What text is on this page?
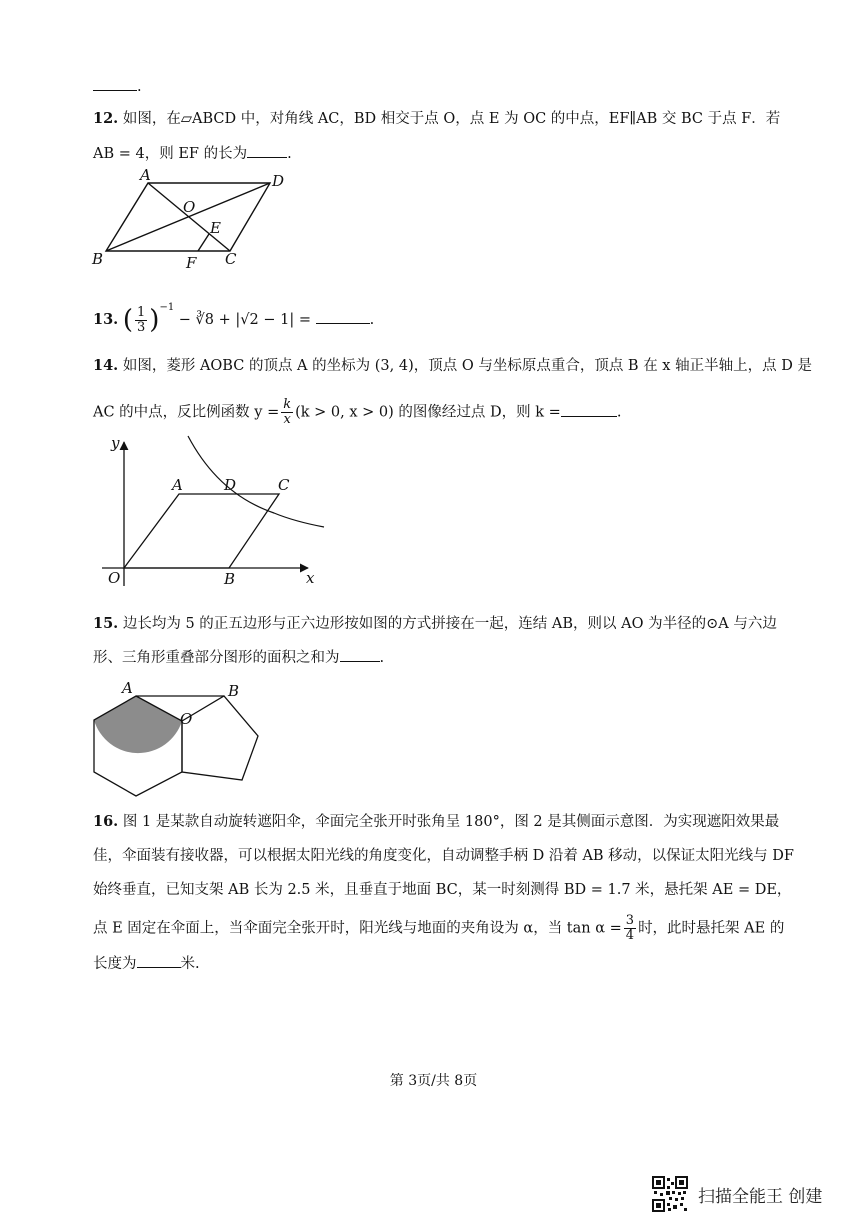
.
12. 如图，在▱ABCD 中，对角线 AC，BD 相交于点 O，点 E 为 OC 的中点，EF∥AB 交 BC 于点 F．若
AB = 4，则 EF 的长为	.
A	D
O
E
B	F C
13. ( $\frac{1}{3} )^{-1}$ − ∛8 + |√2 − 1| =	.
14. 如图，菱形 AOBC 的顶点 A 的坐标为 (3, 4)，顶点 O 与坐标原点重合，顶点 B 在 x 轴正半轴上，点 D 是
AC 的中点，反比例函数 $y = \frac{k}{x} (k > 0$, x > 0) 的图像经过点 D，则 k =	.
y
A	D	C
O	B	x
15. 边长均为 5 的正五边形与正六边形按如图的方式拼接在一起，连结 AB，则以 AO 为半径的⊙A 与六边
形、三角形重叠部分图形的面积之和为	.
A	B
O
16. 图 1 是某款自动旋转遮阳伞，伞面完全张开时张角呈 180°，图 2 是其侧面示意图．为实现遮阳效果最
佳，伞面装有接收器，可以根据太阳光线的角度变化，自动调整手柄 D 沿着 AB 移动，以保证太阳光线与 DF
始终垂直，已知支架 AB 长为 2.5 米，且垂直于地面 BC，某一时刻测得 BD = 1.7 米，悬托架 AE = DE，
点 E 固定在伞面上，当伞面完全张开时，阳光线与地面的夹角设为 α，当 $\tan \alpha = \frac{3}{4}$ 时，此时悬托架 AE 的
长度为	米.
第 3页/共 8页
扫描全能王 创建
